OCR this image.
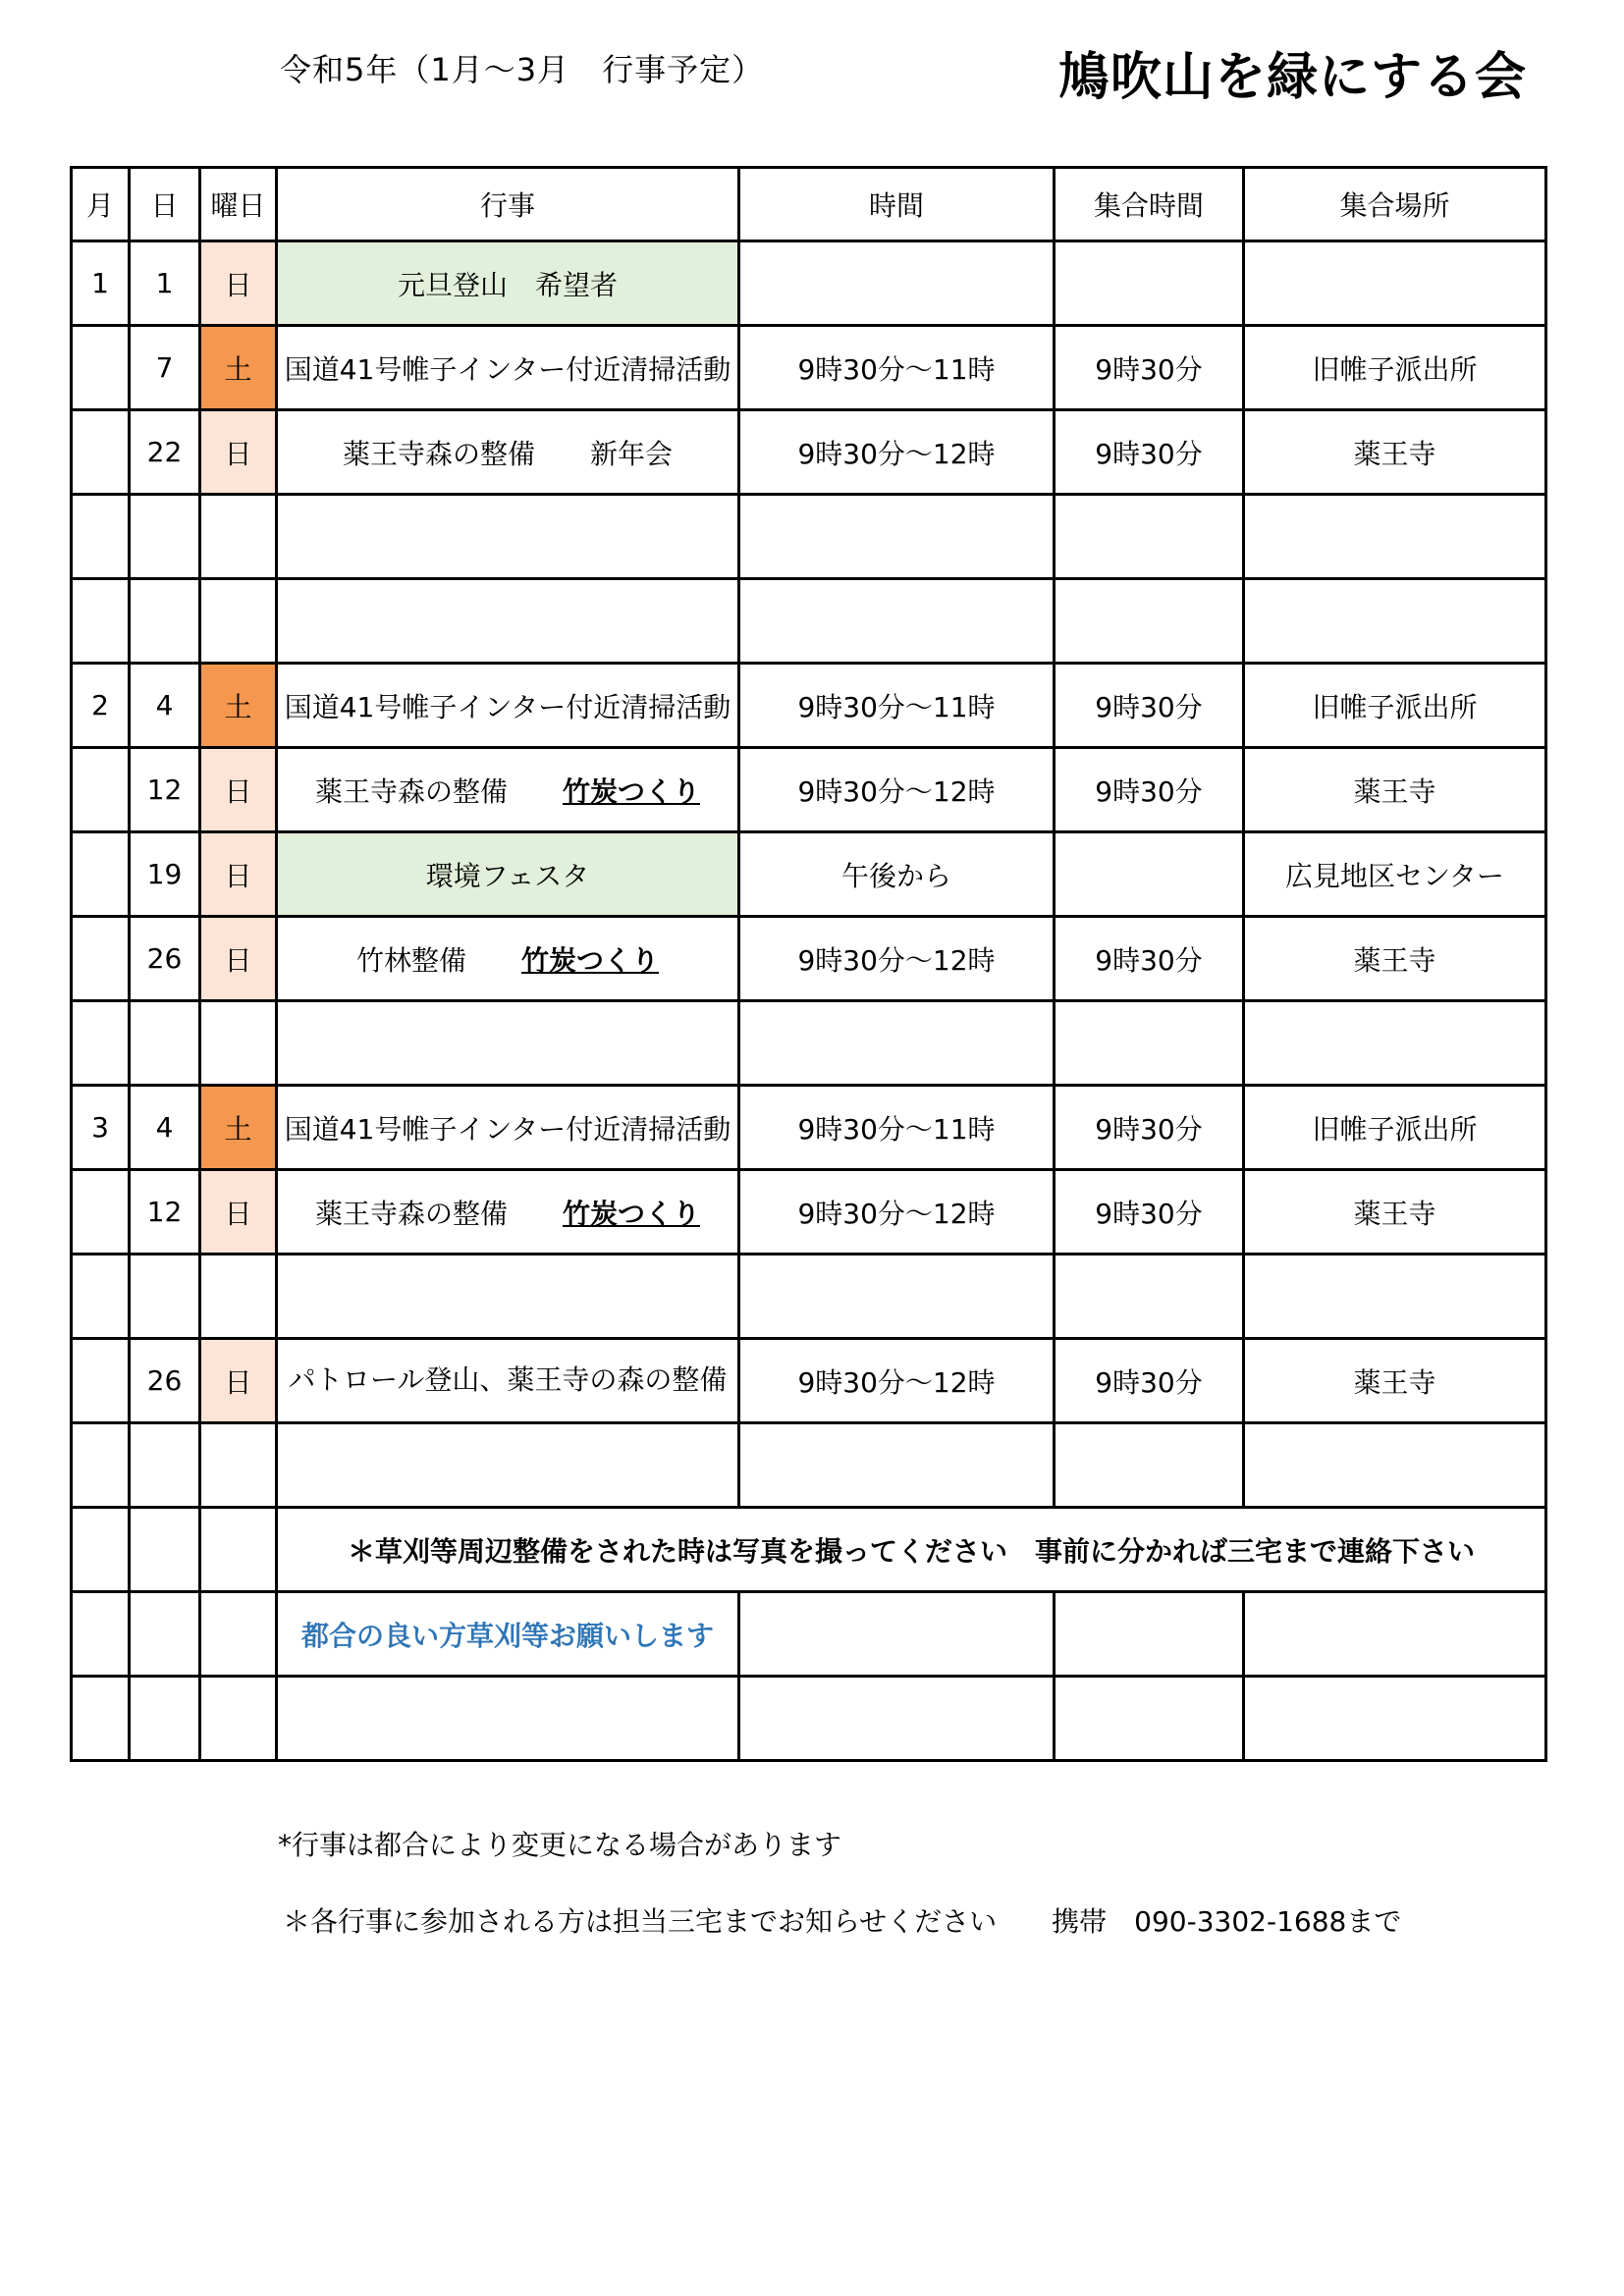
令和5年（1月～3月　行事予定）	鳩吹山を緑にする会
月	日	曜日	行事	時間	集合時間	集合場所
1	1	日	元旦登山　希望者			
	7	土	国道41号帷子インター付近清掃活動	9時30分～11時	9時30分	旧帷子派出所
	22	日	薬王寺森の整備　　新年会	9時30分～12時	9時30分	薬王寺

2	4	土	国道41号帷子インター付近清掃活動	9時30分～11時	9時30分	旧帷子派出所
	12	日	薬王寺森の整備　　竹炭つくり	9時30分～12時	9時30分	薬王寺
	19	日	環境フェスタ	午後から		広見地区センター
	26	日	竹林整備　　竹炭つくり	9時30分～12時	9時30分	薬王寺

3	4	土	国道41号帷子インター付近清掃活動	9時30分～11時	9時30分	旧帷子派出所
	12	日	薬王寺森の整備　　竹炭つくり	9時30分～12時	9時30分	薬王寺

	26	日	パトロール登山、薬王寺の森の整備	9時30分～12時	9時30分	薬王寺

			＊草刈等周辺整備をされた時は写真を撮ってください　事前に分かれば三宅まで連絡下さい			
			都合の良い方草刈等お願いします			

*行事は都合により変更になる場合があります
＊各行事に参加される方は担当三宅までお知らせください　　携帯　090-3302-1688まで
